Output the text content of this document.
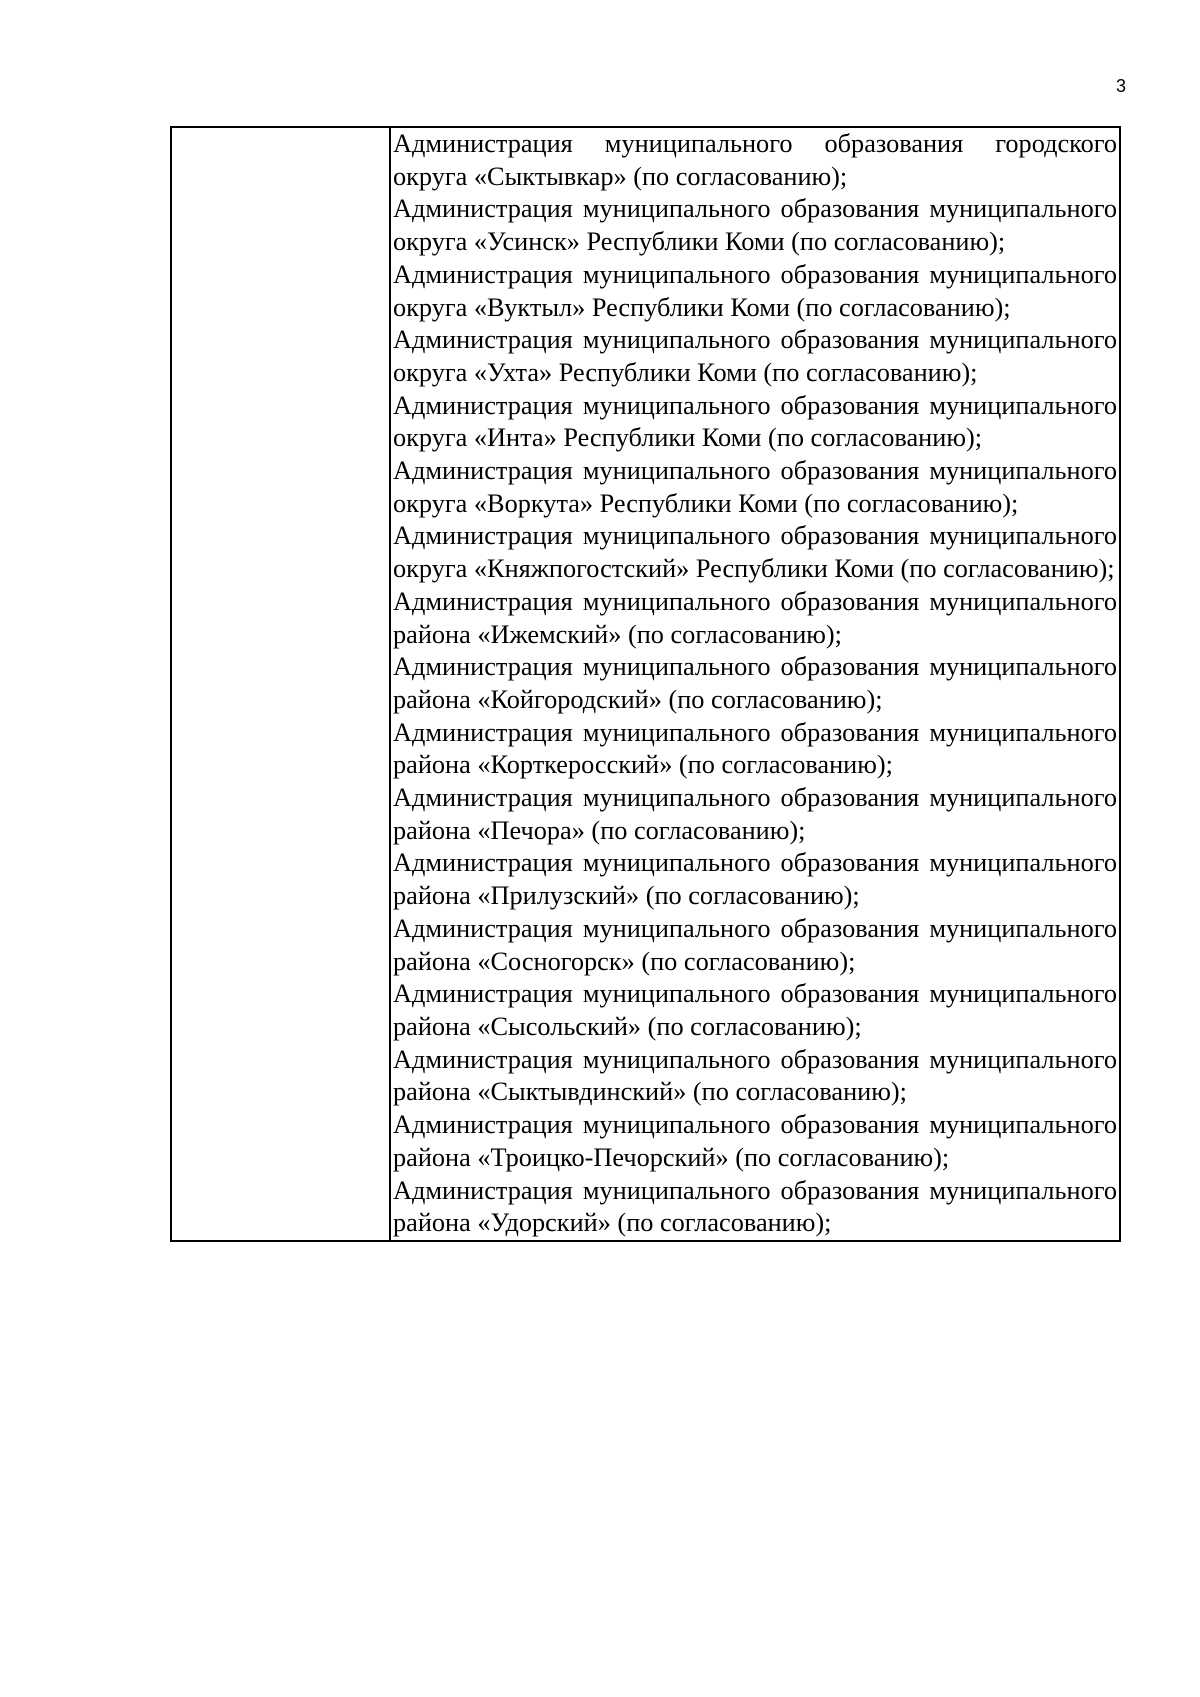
3

Администрация муниципального образования городского округа «Сыктывкар» (по согласованию);

Администрация муниципального образования муниципального округа «Усинск» Республики Коми (по согласованию);

Администрация муниципального образования муниципального округа «Вуктыл» Республики Коми (по согласованию);

Администрация муниципального образования муниципального округа «Ухта» Республики Коми (по согласованию);

Администрация муниципального образования муниципального округа «Инта» Республики Коми (по согласованию);

Администрация муниципального образования муниципального округа «Воркута» Республики Коми (по согласованию);

Администрация муниципального образования муниципального округа «Княжпогостский» Республики Коми (по согласованию);

Администрация муниципального образования муниципального района «Ижемский» (по согласованию);

Администрация муниципального образования муниципального района «Койгородский» (по согласованию);

Администрация муниципального образования муниципального района «Корткеросский» (по согласованию);

Администрация муниципального образования муниципального района «Печора» (по согласованию);

Администрация муниципального образования муниципального района «Прилузский» (по согласованию);

Администрация муниципального образования муниципального района «Сосногорск» (по согласованию);

Администрация муниципального образования муниципального района «Сысольский» (по согласованию);

Администрация муниципального образования муниципального района «Сыктывдинский» (по согласованию);

Администрация муниципального образования муниципального района «Троицко-Печорский» (по согласованию);

Администрация муниципального образования муниципального района «Удорский» (по согласованию);
